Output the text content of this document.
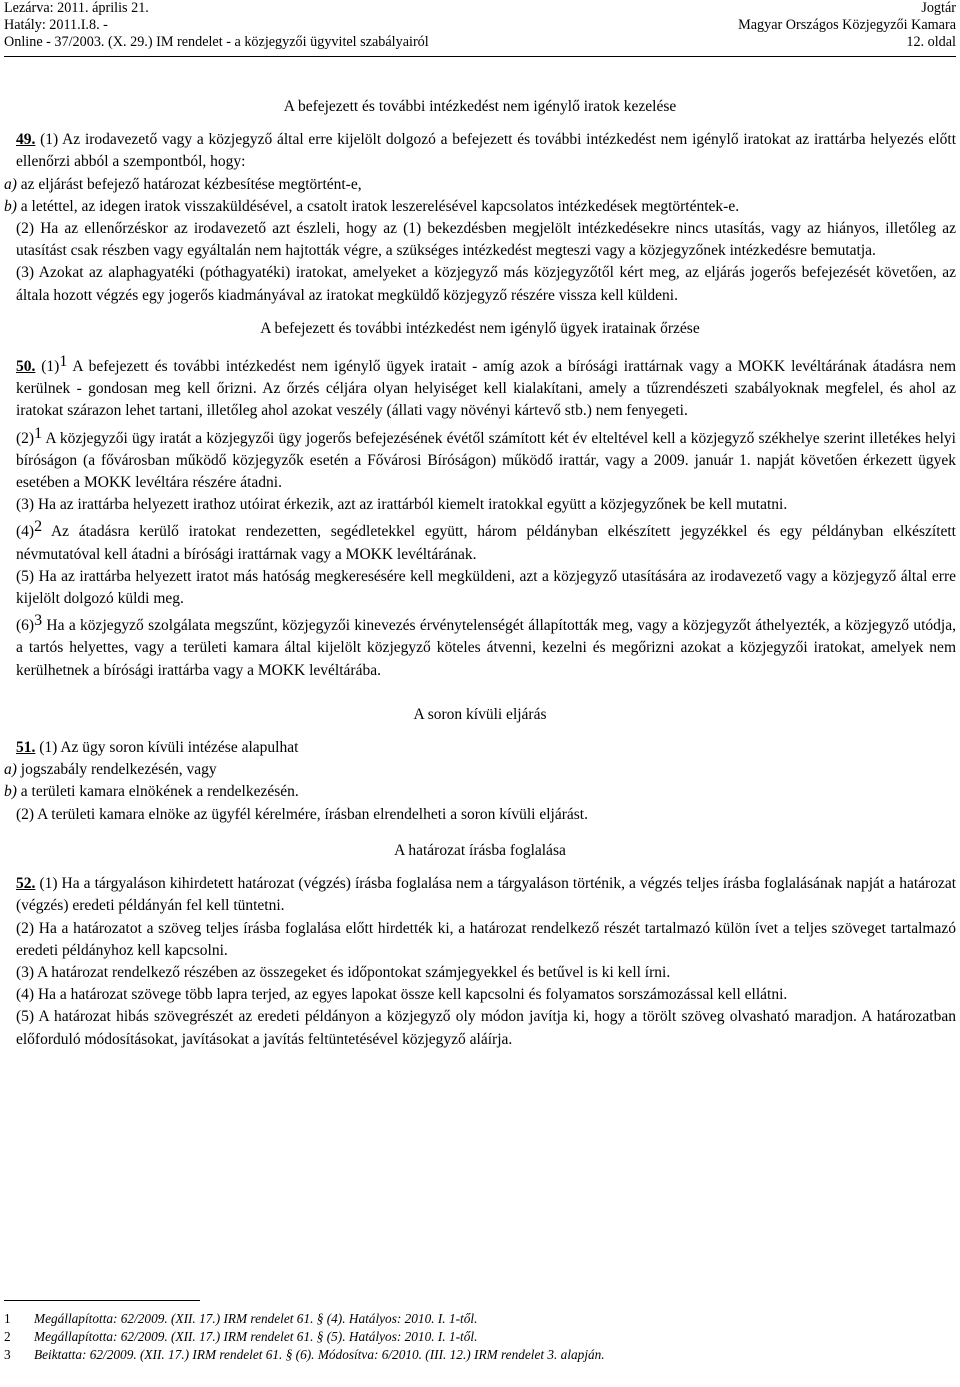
Lezárva: 2011. április 21.	Jogtár
Hatály: 2011.I.8. -	Magyar Országos Közjegyzői Kamara
Online - 37/2003. (X. 29.) IM rendelet - a közjegyzői ügyvitel szabályairól	12. oldal

A befejezett és további intézkedést nem igénylő iratok kezelése

49. (1) Az irodavezető vagy a közjegyző által erre kijelölt dolgozó a befejezett és további intézkedést nem igénylő iratokat az irattárba helyezés előtt ellenőrzi abból a szempontból, hogy:

a) az eljárást befejező határozat kézbesítése megtörtént-e,

b) a letéttel, az idegen iratok visszaküldésével, a csatolt iratok leszerelésével kapcsolatos intézkedések megtörténtek-e.

(2) Ha az ellenőrzéskor az irodavezető azt észleli, hogy az (1) bekezdésben megjelölt intézkedésekre nincs utasítás, vagy az hiányos, illetőleg az utasítást csak részben vagy egyáltalán nem hajtották végre, a szükséges intézkedést megteszi vagy a közjegyzőnek intézkedésre bemutatja.

(3) Azokat az alaphagyatéki (póthagyatéki) iratokat, amelyeket a közjegyző más közjegyzőtől kért meg, az eljárás jogerős befejezését követően, az általa hozott végzés egy jogerős kiadmányával az iratokat megküldő közjegyző részére vissza kell küldeni.

A befejezett és további intézkedést nem igénylő ügyek iratainak őrzése

50. (1)1 A befejezett és további intézkedést nem igénylő ügyek iratait - amíg azok a bírósági irattárnak vagy a MOKK levéltárának átadásra nem kerülnek - gondosan meg kell őrizni. Az őrzés céljára olyan helyiséget kell kialakítani, amely a tűzrendészeti szabályoknak megfelel, és ahol az iratokat szárazon lehet tartani, illetőleg ahol azokat veszély (állati vagy növényi kártevő stb.) nem fenyegeti.

(2)1 A közjegyzői ügy iratát a közjegyzői ügy jogerős befejezésének évétől számított két év elteltével kell a közjegyző székhelye szerint illetékes helyi bíróságon (a fővárosban működő közjegyzők esetén a Fővárosi Bíróságon) működő irattár, vagy a 2009. január 1. napját követően érkezett ügyek esetében a MOKK levéltára részére átadni.

(3) Ha az irattárba helyezett irathoz utóirat érkezik, azt az irattárból kiemelt iratokkal együtt a közjegyzőnek be kell mutatni.

(4)2 Az átadásra kerülő iratokat rendezetten, segédletekkel együtt, három példányban elkészített jegyzékkel és egy példányban elkészített névmutatóval kell átadni a bírósági irattárnak vagy a MOKK levéltárának.

(5) Ha az irattárba helyezett iratot más hatóság megkeresésére kell megküldeni, azt a közjegyző utasítására az irodavezető vagy a közjegyző által erre kijelölt dolgozó küldi meg.

(6)3 Ha a közjegyző szolgálata megszűnt, közjegyzői kinevezés érvénytelenségét állapították meg, vagy a közjegyzőt áthelyezték, a közjegyző utódja, a tartós helyettes, vagy a területi kamara által kijelölt közjegyző köteles átvenni, kezelni és megőrizni azokat a közjegyzői iratokat, amelyek nem kerülhetnek a bírósági irattárba vagy a MOKK levéltárába.

A soron kívüli eljárás

51. (1) Az ügy soron kívüli intézése alapulhat

a) jogszabály rendelkezésén, vagy

b) a területi kamara elnökének a rendelkezésén.

(2) A területi kamara elnöke az ügyfél kérelmére, írásban elrendelheti a soron kívüli eljárást.

A határozat írásba foglalása

52. (1) Ha a tárgyaláson kihirdetett határozat (végzés) írásba foglalása nem a tárgyaláson történik, a végzés teljes írásba foglalásának napját a határozat (végzés) eredeti példányán fel kell tüntetni.

(2) Ha a határozatot a szöveg teljes írásba foglalása előtt hirdették ki, a határozat rendelkező részét tartalmazó külön ívet a teljes szöveget tartalmazó eredeti példányhoz kell kapcsolni.

(3) A határozat rendelkező részében az összegeket és időpontokat számjegyekkel és betűvel is ki kell írni.

(4) Ha a határozat szövege több lapra terjed, az egyes lapokat össze kell kapcsolni és folyamatos sorszámozással kell ellátni.

(5) A határozat hibás szövegrészét az eredeti példányon a közjegyző oly módon javítja ki, hogy a törölt szöveg olvasható maradjon. A határozatban előforduló módosításokat, javításokat a javítás feltüntetésével közjegyző aláírja.

1	Megállapította: 62/2009. (XII. 17.) IRM rendelet 61. § (4). Hatályos: 2010. I. 1-től.
2	Megállapította: 62/2009. (XII. 17.) IRM rendelet 61. § (5). Hatályos: 2010. I. 1-től.
3	Beiktatta: 62/2009. (XII. 17.) IRM rendelet 61. § (6). Módosítva: 6/2010. (III. 12.) IRM rendelet 3. alapján.
